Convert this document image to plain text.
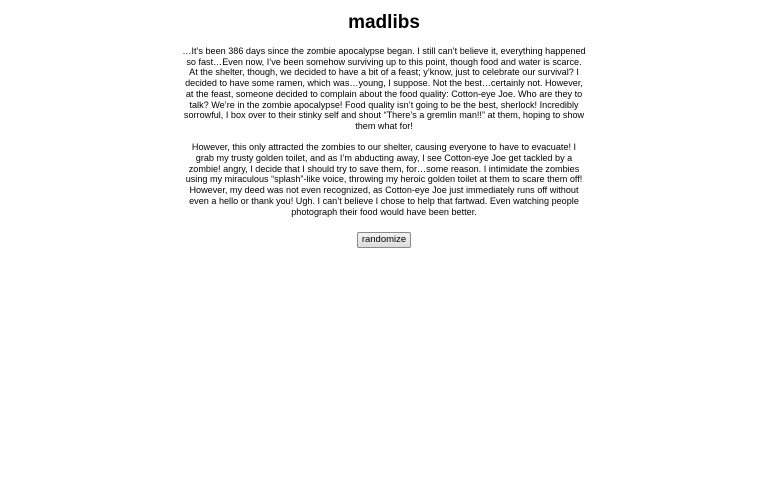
madlibs

…It’s been 386 days since the zombie apocalypse began. I still can’t believe it, everything happened so fast…Even now, I’ve been somehow surviving up to this point, though food and water is scarce. At the shelter, though, we decided to have a bit of a feast; y’know, just to celebrate our survival? I decided to have some ramen, which was…young, I suppose. Not the best…certainly not. However, at the feast, someone decided to complain about the food quality: Cotton-eye Joe. Who are they to talk? We’re in the zombie apocalypse! Food quality isn’t going to be the best, sherlock! Incredibly sorrowful, I box over to their stinky self and shout “There’s a gremlin man!!” at them, hoping to show them what for!

However, this only attracted the zombies to our shelter, causing everyone to have to evacuate! I grab my trusty golden toilet, and as I’m abducting away, I see Cotton-eye Joe get tackled by a zombie! angry, I decide that I should try to save them, for…some reason. I intimidate the zombies using my miraculous “splash”-like voice, throwing my heroic golden toilet at them to scare them off! However, my deed was not even recognized, as Cotton-eye Joe just immediately runs off without even a hello or thank you! Ugh. I can’t believe I chose to help that fartwad. Even watching people photograph their food would have been better.

randomize
